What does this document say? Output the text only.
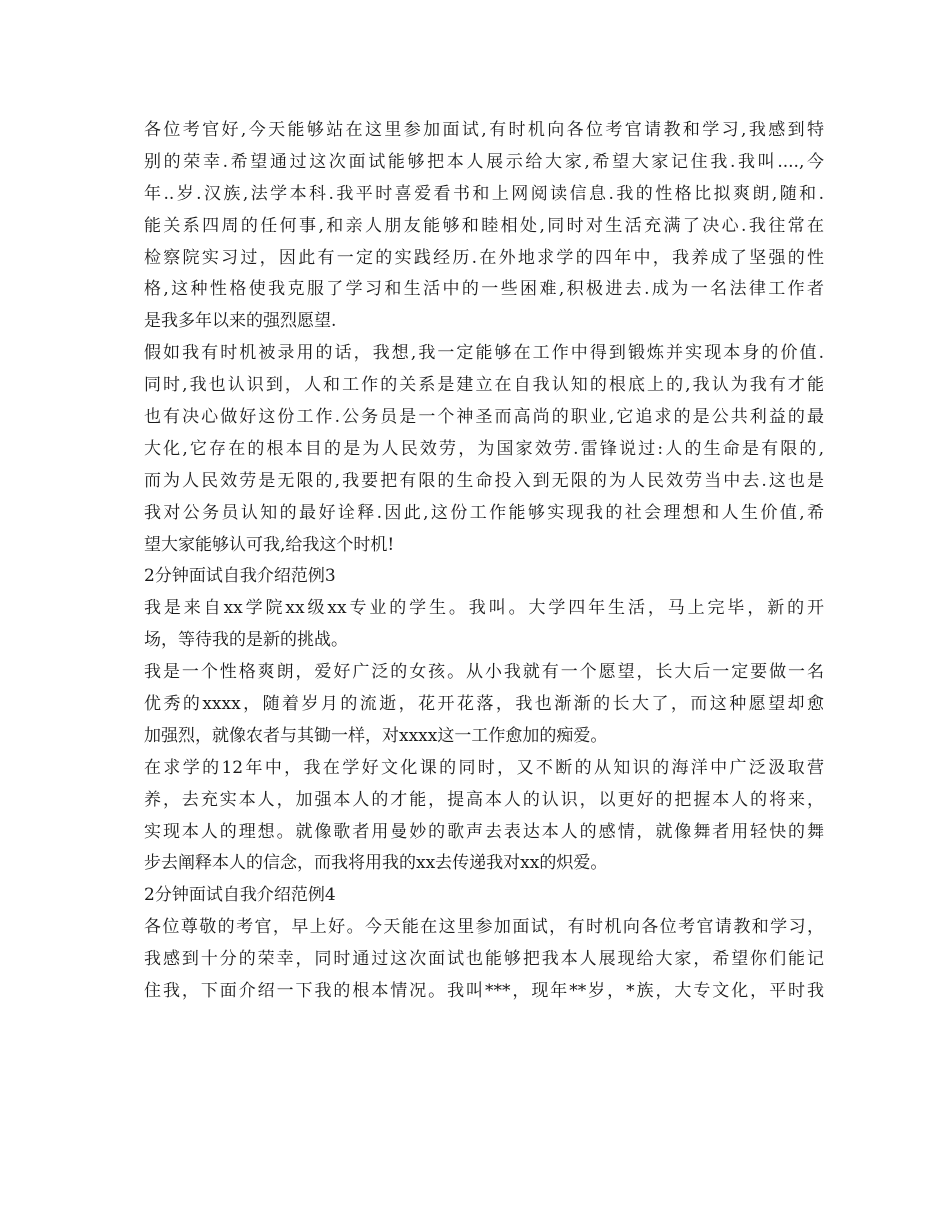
各位考官好,今天能够站在这里参加面试,有时机向各位考官请教和学习,我感到特
别的荣幸.希望通过这次面试能够把本人展示给大家,希望大家记住我.我叫....,今
年..岁.汉族,法学本科.我平时喜爱看书和上网阅读信息.我的性格比拟爽朗,随和.
能关系四周的任何事,和亲人朋友能够和睦相处,同时对生活充满了决心.我往常在
检察院实习过，因此有一定的实践经历.在外地求学的四年中，我养成了坚强的性
格,这种性格使我克服了学习和生活中的一些困难,积极进去.成为一名法律工作者
是我多年以来的强烈愿望.
假如我有时机被录用的话，我想,我一定能够在工作中得到锻炼并实现本身的价值.
同时,我也认识到，人和工作的关系是建立在自我认知的根底上的,我认为我有才能
也有决心做好这份工作.公务员是一个神圣而高尚的职业,它追求的是公共利益的最
大化,它存在的根本目的是为人民效劳，为国家效劳.雷锋说过:人的生命是有限的,
而为人民效劳是无限的,我要把有限的生命投入到无限的为人民效劳当中去.这也是
我对公务员认知的最好诠释.因此,这份工作能够实现我的社会理想和人生价值,希
望大家能够认可我,给我这个时机!
2分钟面试自我介绍范例3
我是来自xx学院xx级xx专业的学生。我叫。大学四年生活，马上完毕，新的开
场，等待我的是新的挑战。
我是一个性格爽朗，爱好广泛的女孩。从小我就有一个愿望，长大后一定要做一名
优秀的xxxx，随着岁月的流逝，花开花落，我也渐渐的长大了，而这种愿望却愈
加强烈，就像农者与其锄一样，对xxxx这一工作愈加的痴爱。
在求学的12年中，我在学好文化课的同时，又不断的从知识的海洋中广泛汲取营
养，去充实本人，加强本人的才能，提高本人的认识，以更好的把握本人的将来，
实现本人的理想。就像歌者用曼妙的歌声去表达本人的感情，就像舞者用轻快的舞
步去阐释本人的信念，而我将用我的xx去传递我对xx的炽爱。
2分钟面试自我介绍范例4
各位尊敬的考官，早上好。今天能在这里参加面试，有时机向各位考官请教和学习，
我感到十分的荣幸，同时通过这次面试也能够把我本人展现给大家，希望你们能记
住我，下面介绍一下我的根本情况。我叫***，现年**岁，*族，大专文化，平时我
